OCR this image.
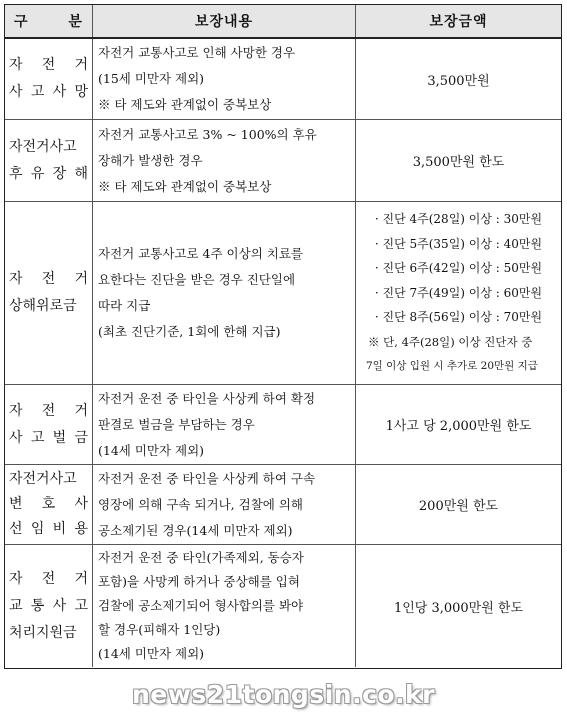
구 분	보장내용	보장금액
자 전 거
사 고 사 망
자전거 교통사고로 인해 사망한 경우
(15세 미만자 제외)
※ 타 제도와 관계없이 중복보상
3,500만원
자전거사고
후 유 장 해
자전거 교통사고로 3% ~ 100%의 후유
장해가 발생한 경우
※ 타 제도와 관계없이 중복보상
3,500만원 한도
자 전 거
상해위로금
자전거 교통사고로 4주 이상의 치료를
요한다는 진단을 받은 경우 진단일에
따라 지급
(최초 진단기준, 1회에 한해 지급)
· 진단 4주(28일) 이상 : 30만원
· 진단 5주(35일) 이상 : 40만원
· 진단 6주(42일) 이상 : 50만원
· 진단 7주(49일) 이상 : 60만원
· 진단 8주(56일) 이상 : 70만원
※ 단, 4주(28일) 이상 진단자 중
7일 이상 입원 시 추가로 20만원 지급
자 전 거
사 고 벌 금
자전거 운전 중 타인을 사상케 하여 확정
판결로 벌금을 부담하는 경우
(14세 미만자 제외)
1사고 당 2,000만원 한도
자전거사고
변 호 사
선 임 비 용
자전거 운전 중 타인을 사상케 하여 구속
영장에 의해 구속 되거나, 검찰에 의해
공소제기된 경우(14세 미만자 제외)
200만원 한도
자 전 거
교 통 사 고
처리지원금
자전거 운전 중 타인(가족제외, 동승자
포함)을 사망케 하거나 중상해를 입혀
검찰에 공소제기되어 형사합의를 봐야
할 경우(피해자 1인당)
(14세 미만자 제외)
1인당 3,000만원 한도
news21tongsin.co.kr
